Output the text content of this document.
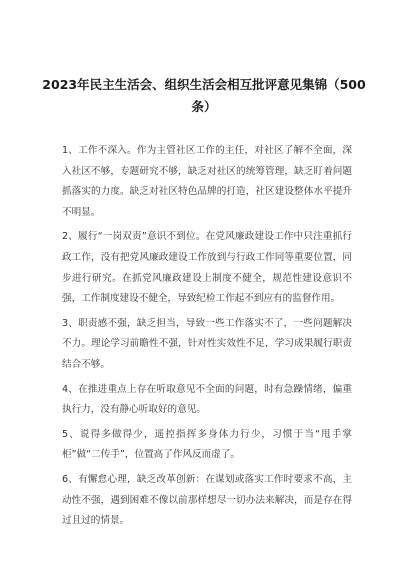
2023年民主生活会、组织生活会相互批评意见集锦（500
条）

1、工作不深入。作为主管社区工作的主任，对社区了解不全面，深入社区不够，专题研究不够，缺乏对社区的统筹管理，缺乏盯着问题抓落实的力度。缺乏对社区特色品牌的打造，社区建设整体水平提升不明显。

2、履行“一岗双责”意识不到位。在党风廉政建设工作中只注重抓行政工作，没有把党风廉政建设工作放到与行政工作同等重要位置，同步进行研究。在抓党风廉政建设上制度不健全，规范性建设意识不强，工作制度建设不健全，导致纪检工作起不到应有的监督作用。

3、职责感不强，缺乏担当，导致一些工作落实不了，一些问题解决不力。理论学习前瞻性不强，针对性实效性不足，学习成果履行职责结合不够。

4、在推进重点上存在听取意见不全面的问题，时有急躁情绪，偏重执行力，没有静心听取好的意见。

5、说得多做得少，遥控指挥多身体力行少，习惯于当“甩手掌柜”做“二传手”，位置高了作风反而虚了。

6、有懈怠心理，缺乏改革创新：在谋划或落实工作时要求不高，主动性不强，遇到困难不像以前那样想尽一切办法来解决，而是存在得过且过的情景。
